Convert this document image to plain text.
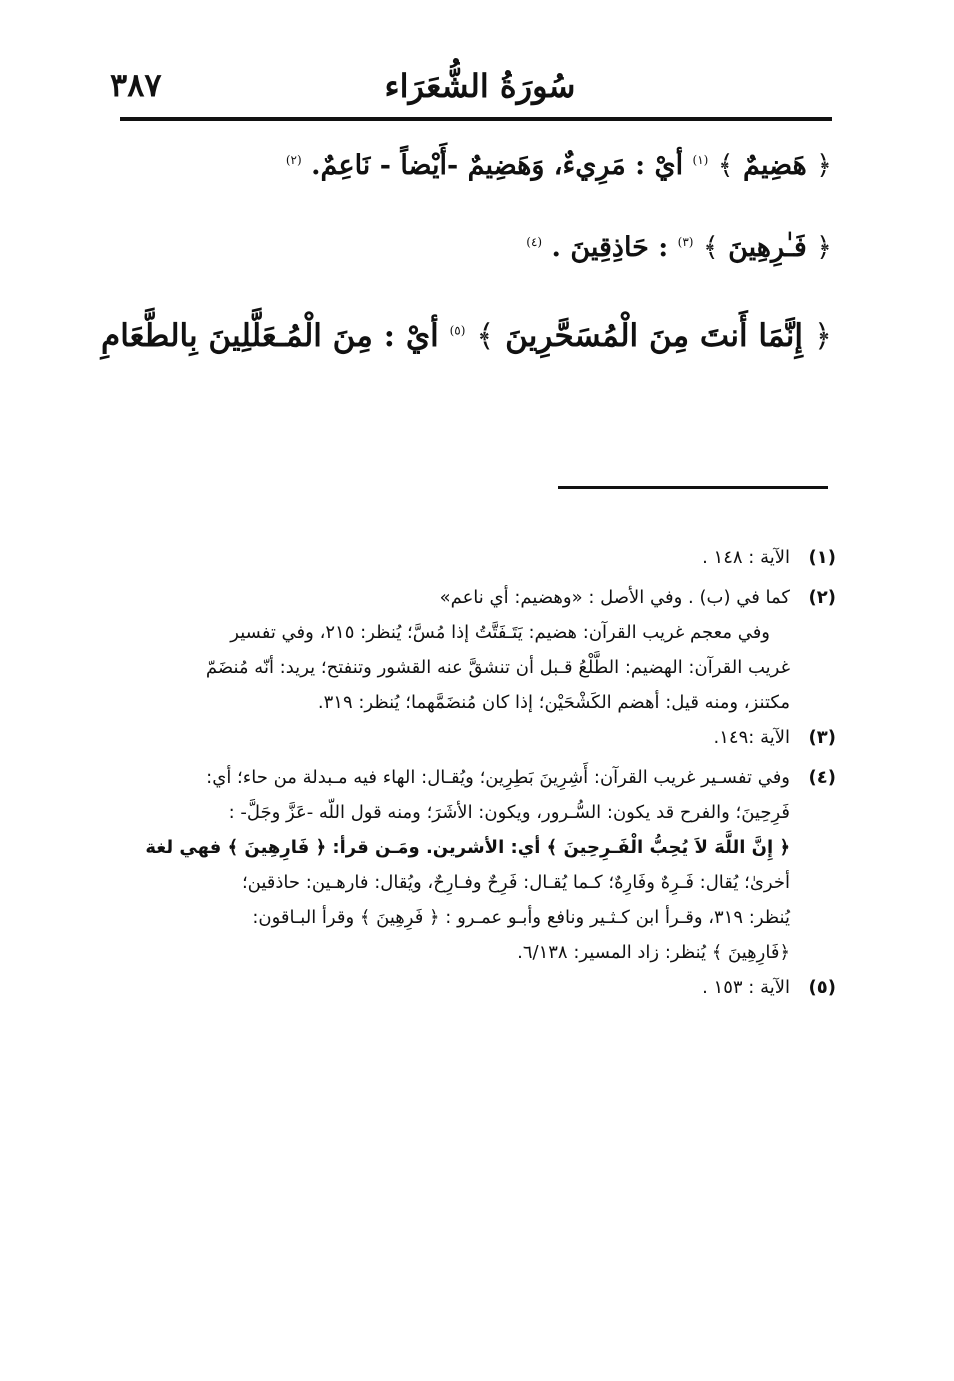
٣٨٧	سُورَةُ الشُّعَرَاء
﴿ هَضِيمٌ ﴾ $^{(١)}$ أيْ : مَرِيءٌ، وَهَضِيمٌ -أَيْضاً - نَاعِمٌ. $^{(٢)}$
﴿ فَـٰرِهِينَ ﴾ $^{(٣)}$ : حَاذِقِينَ . $^{(٤)}$
﴿ إِنَّمَا أَنتَ مِنَ الْمُسَحَّرِينَ ﴾ $^{(٥)}$ أيْ : مِنَ الْمُـعَلَّلِينَ بِالطَّعَامِ
(١)
الآية : ١٤٨ .
(٢)
كما في (ب) . وفي الأصل : «وهضيم: أي ناعم»
وفي معجم غريب القرآن: هضيم: يَتَـفَتَّتُ إذا مُسَّ؛ يُنظر: ٢١٥، وفي تفسير
غريب القرآن: الهضيم: الطَّلْعُ قـبل أن تنشقَّ عنه القشور وتنفتح؛ يريد: أنّه مُنضَمّ
مكتنز، ومنه قيل: أهضم الكَشْحَيْن؛ إذا كان مُنضَمَّهما؛ يُنظر: ٣١٩.
(٣)
الآية :١٤٩.
(٤)
وفي تفسـير غريب القرآن: أَشِرِينَ بَطِرِين؛ ويُقـال: الهاء فيه مـبدلة من حاء؛ أي:
فَرِحِينَ؛ والفرح قد يكون: السُّـرور، ويكون: الأشَرَ؛ ومنه قول اللّه -عَزَّ وجَلَّ- :
﴿ إِنَّ اللَّهَ لاَ يُحِبُّ الْفَـرِحِينَ ﴾ أي: الأشرين. ومَـن قرأ: ﴿ فَارِهِينَ ﴾ فهي لغة
أخرىٰ؛ يُقال: فَـرِهٌ وفَارِهٌ؛ كـما يُقـال: فَرِحٌ وفـارِحٌ، ويُقال: فارهـين: حاذقين؛
يُنظر: ٣١٩، وقـرأ ابن كـثـير ونافع وأبـو عمـرو : ﴿ فَرِهِينَ ﴾ وقرأ البـاقون:
﴿فَارِهِينَ ﴾ يُنظر: زاد المسير: ٦/١٣٨.
(٥)
الآية : ١٥٣ .
